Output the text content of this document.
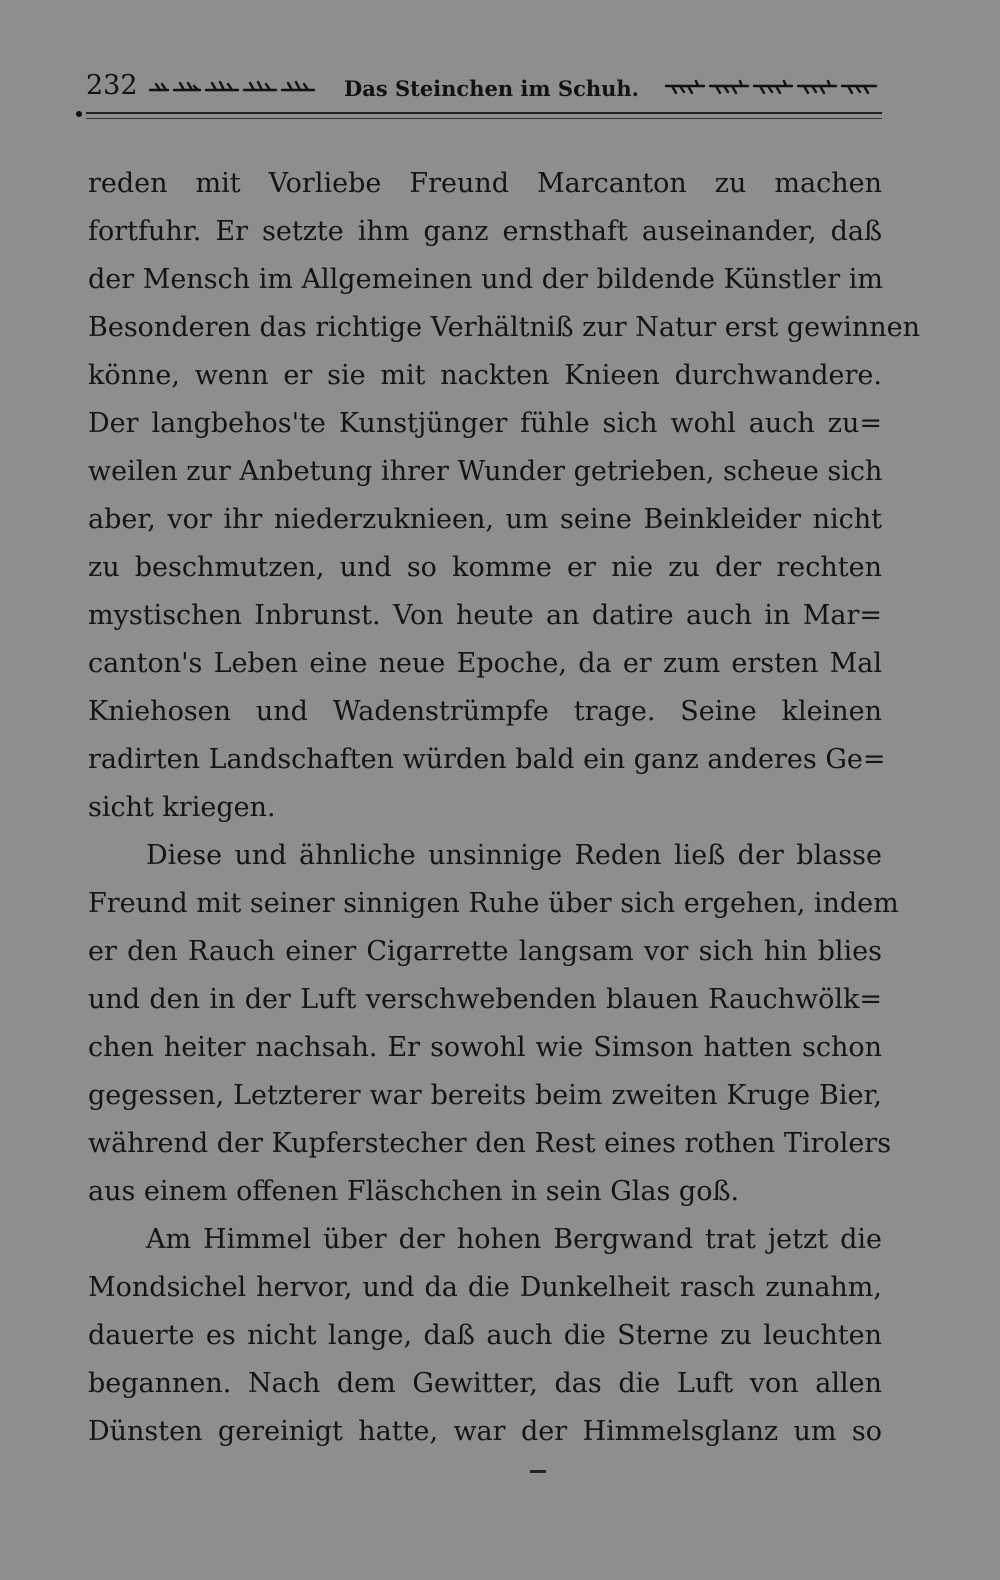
232	Das Steinchen im Schuh.
reden mit Vorliebe Freund Marcanton zu machen
fortfuhr. Er setzte ihm ganz ernsthaft auseinander, daß
der Mensch im Allgemeinen und der bildende Künstler im
Besonderen das richtige Verhältniß zur Natur erst gewinnen
könne, wenn er sie mit nackten Knieen durchwandere.
Der langbehos'te Kunstjünger fühle sich wohl auch zu=
weilen zur Anbetung ihrer Wunder getrieben, scheue sich
aber, vor ihr niederzuknieen, um seine Beinkleider nicht
zu beschmutzen, und so komme er nie zu der rechten
mystischen Inbrunst. Von heute an datire auch in Mar=
canton's Leben eine neue Epoche, da er zum ersten Mal
Kniehosen und Wadenstrümpfe trage. Seine kleinen
radirten Landschaften würden bald ein ganz anderes Ge=
sicht kriegen.
Diese und ähnliche unsinnige Reden ließ der blasse
Freund mit seiner sinnigen Ruhe über sich ergehen, indem
er den Rauch einer Cigarrette langsam vor sich hin blies
und den in der Luft verschwebenden blauen Rauchwölk=
chen heiter nachsah. Er sowohl wie Simson hatten schon
gegessen, Letzterer war bereits beim zweiten Kruge Bier,
während der Kupferstecher den Rest eines rothen Tirolers
aus einem offenen Fläschchen in sein Glas goß.
Am Himmel über der hohen Bergwand trat jetzt die
Mondsichel hervor, und da die Dunkelheit rasch zunahm,
dauerte es nicht lange, daß auch die Sterne zu leuchten
begannen. Nach dem Gewitter, das die Luft von allen
Dünsten gereinigt hatte, war der Himmelsglanz um so
